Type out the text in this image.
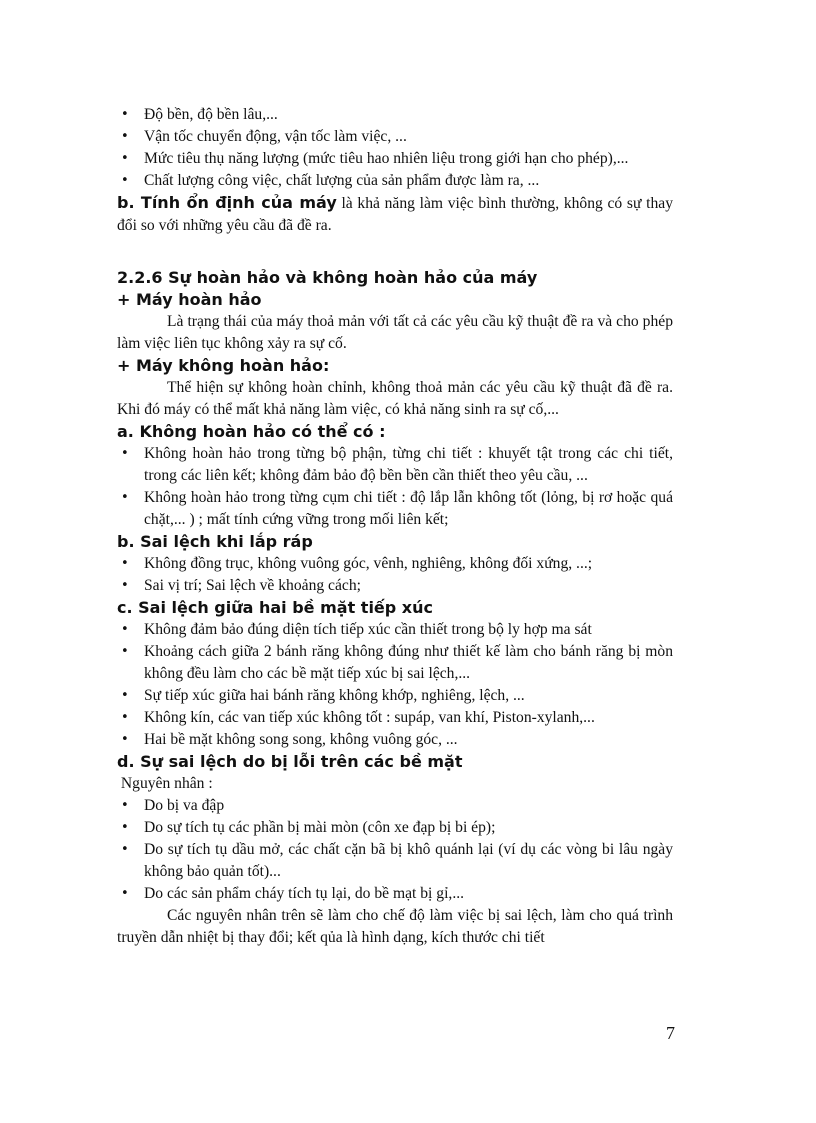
• Độ bền, độ bền lâu,...
• Vận tốc chuyển động, vận tốc làm việc, ...
• Mức tiêu thụ năng lượng (mức tiêu hao nhiên liệu trong giới hạn cho phép),...
• Chất lượng công việc, chất lượng của sản phẩm được làm ra, ...

b. Tính ổn định của máy là khả năng làm việc bình thường, không có sự thay đổi so với những yêu cầu đã đề ra.

2.2.6 Sự hoàn hảo và không hoàn hảo của máy
+ Máy hoàn hảo

Là trạng thái của máy thoả mản với tất cả các yêu cầu kỹ thuật đề ra và cho phép làm việc liên tục không xảy ra sự cố.

+ Máy không hoàn hảo:

Thể hiện sự không hoàn chỉnh, không thoả mản các yêu cầu kỹ thuật đã đề ra. Khi đó máy có thể mất khả năng làm việc, có khả năng sinh ra sự cố,...

a. Không hoàn hảo có thể có :
• Không hoàn hảo trong từng bộ phận, từng chi tiết : khuyết tật trong các chi tiết, trong các liên kết; không đảm bảo độ bền bền cần thiết theo yêu cầu, ...
• Không hoàn hảo trong từng cụm chi tiết : độ lắp lẫn không tốt (lỏng, bị rơ hoặc quá chặt,... ) ; mất tính cứng vững trong mối liên kết;
b. Sai lệch khi lắp ráp
• Không đồng trục, không vuông góc, vênh, nghiêng, không đối xứng, ...;
• Sai vị trí; Sai lệch về khoảng cách;
c. Sai lệch giữa hai bề mặt tiếp xúc
• Không đảm bảo đúng diện tích tiếp xúc cần thiết trong bộ ly hợp ma sát
• Khoảng cách giữa 2 bánh răng không đúng như thiết kế làm cho bánh răng bị mòn không đều làm cho các bề mặt tiếp xúc bị sai lệch,...
• Sự tiếp xúc giữa hai bánh răng không khớp, nghiêng, lệch, ...
• Không kín, các van tiếp xúc không tốt : supáp, van khí, Piston-xylanh,...
• Hai bề mặt không song song, không vuông góc, ...
d. Sự sai lệch do bị lỗi trên các bề mặt

Nguyên nhân :

• Do bị va đập
• Do sự tích tụ các phần bị mài mòn (côn xe đạp bị bi ép);
• Do sự tích tụ dầu mở, các chất cặn bã bị khô quánh lại (ví dụ các vòng bi lâu ngày không bảo quản tốt)...
• Do các sản phẩm cháy tích tụ lại, do bề mạt bị gỉ,...

Các nguyên nhân trên sẽ làm cho chế độ làm việc bị sai lệch, làm cho quá trình truyền dẫn nhiệt bị thay đổi; kết qủa là hình dạng, kích thước chi tiết

7
